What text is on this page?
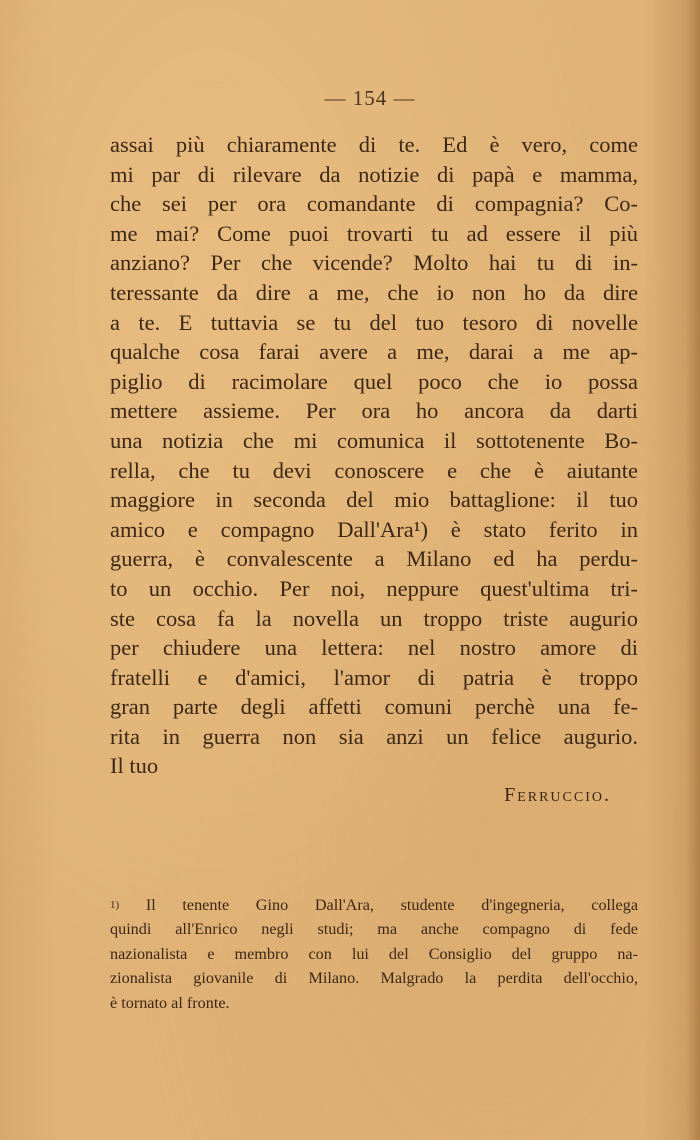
— 154 —
assai più chiaramente di te. Ed è vero, come
mi par di rilevare da notizie di papà e mamma,
che sei per ora comandante di compagnia? Co-
me mai? Come puoi trovarti tu ad essere il più
anziano? Per che vicende? Molto hai tu di in-
teressante da dire a me, che io non ho da dire
a te. E tuttavia se tu del tuo tesoro di novelle
qualche cosa farai avere a me, darai a me ap-
piglio di racimolare quel poco che io possa
mettere assieme. Per ora ho ancora da darti
una notizia che mi comunica il sottotenente Bo-
rella, che tu devi conoscere e che è aiutante
maggiore in seconda del mio battaglione: il tuo
amico e compagno Dall'Ara¹) è stato ferito in
guerra, è convalescente a Milano ed ha perdu-
to un occhio. Per noi, neppure quest'ultima tri-
ste cosa fa la novella un troppo triste augurio
per chiudere una lettera: nel nostro amore di
fratelli e d'amici, l'amor di patria è troppo
gran parte degli affetti comuni perchè una fe-
rita in guerra non sia anzi un felice augurio.
Il tuo
Ferruccio.
$^{1)}$ Il tenente Gino Dall'Ara, studente d'ingegneria, collega
quindi all'Enrico negli studi; ma anche compagno di fede
nazionalista e membro con lui del Consiglio del gruppo na-
zionalista giovanile di Milano. Malgrado la perdita dell'occhio,
è tornato al fronte.
